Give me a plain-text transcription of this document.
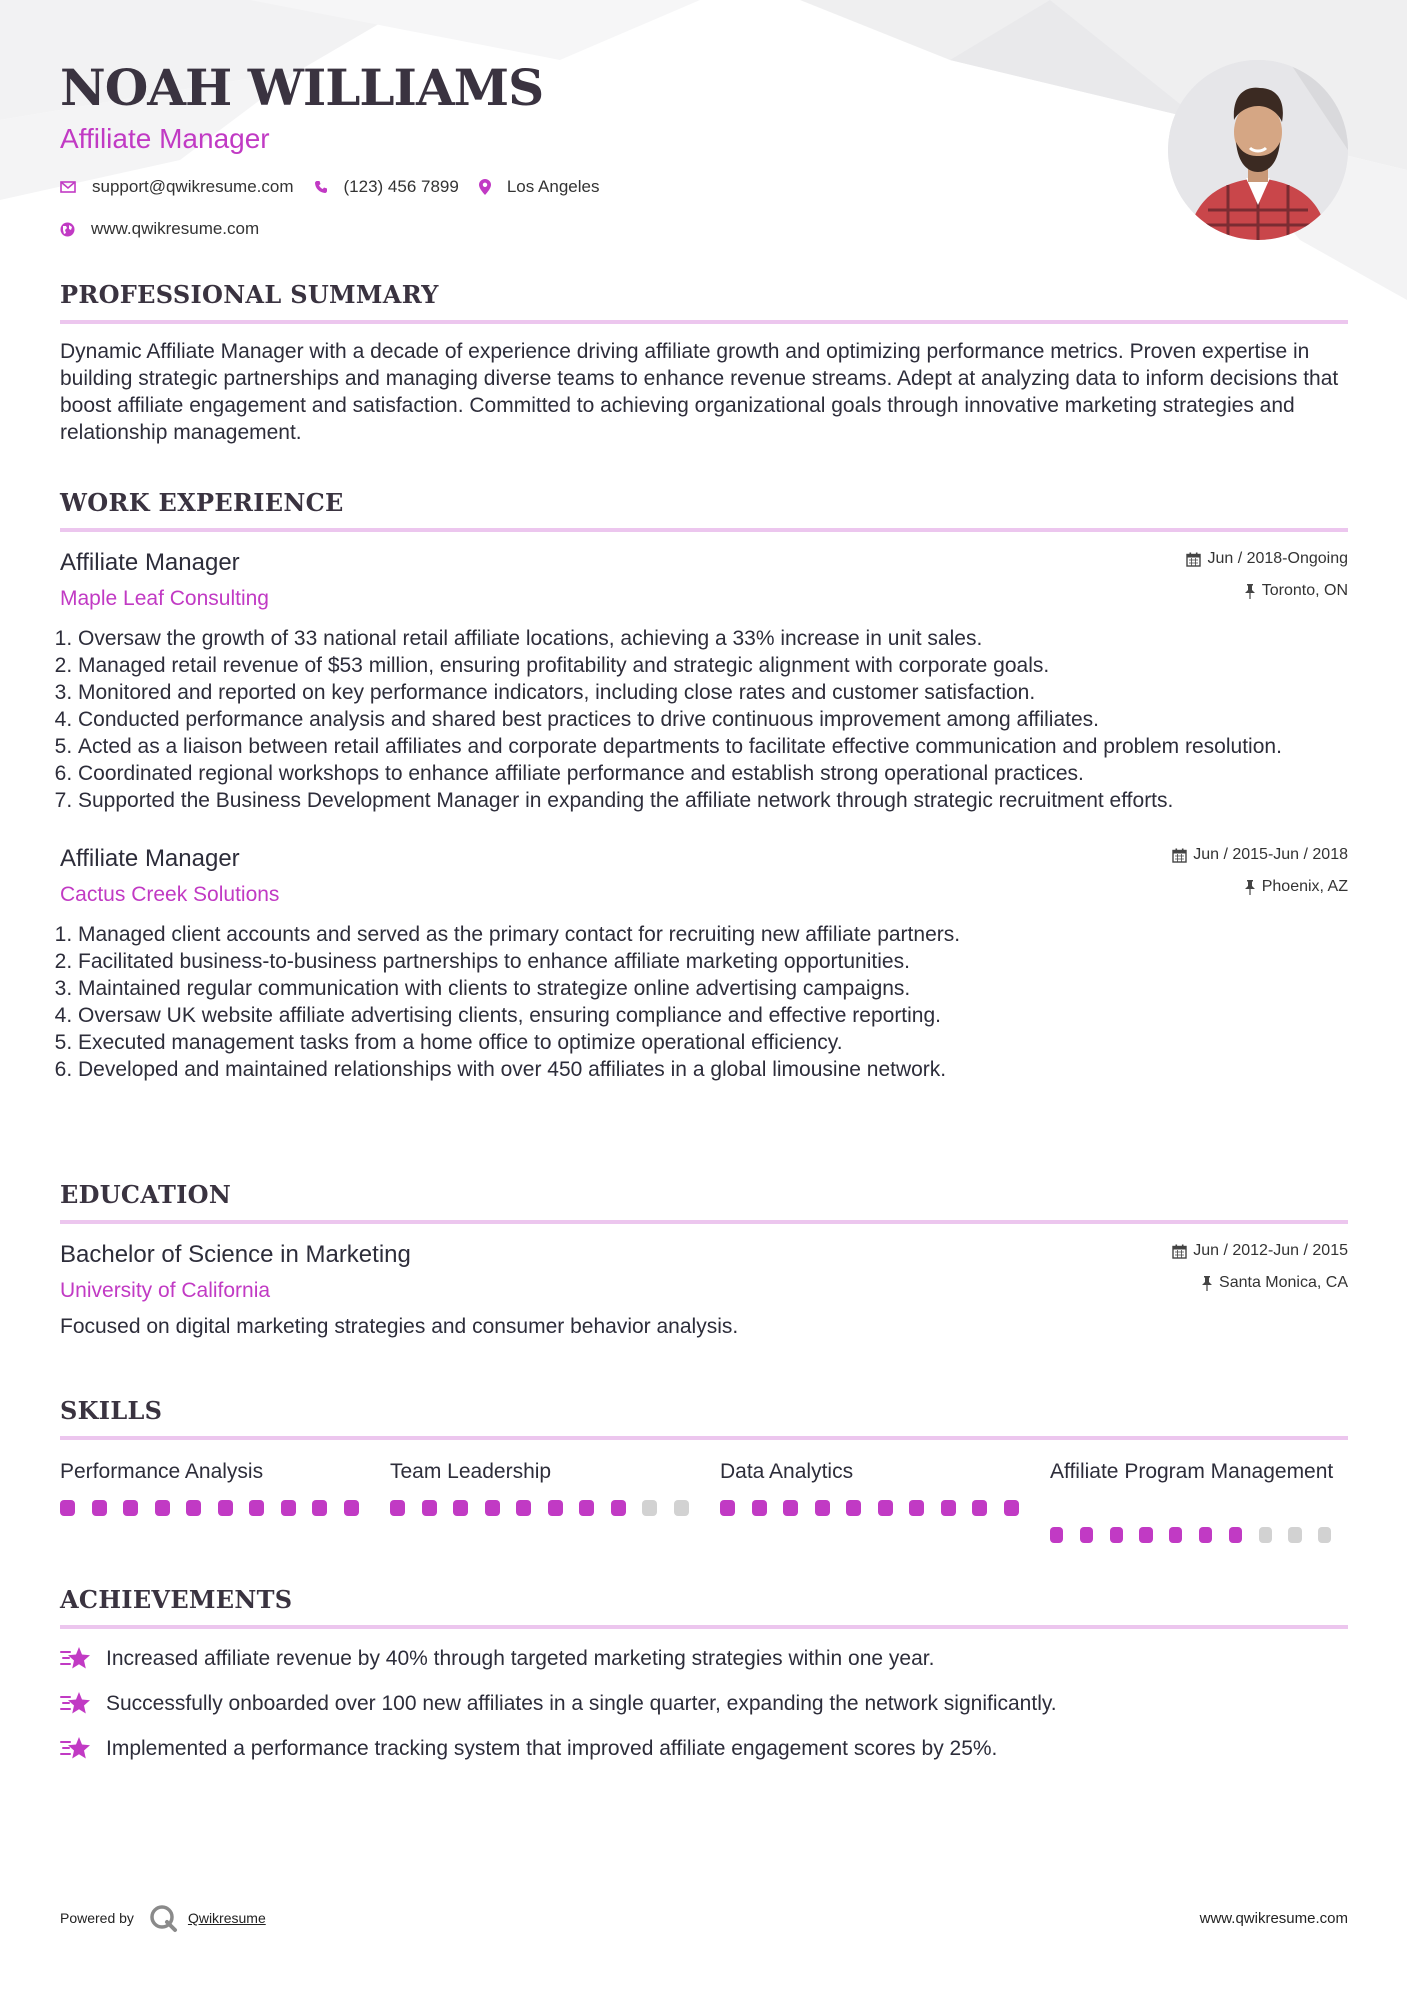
NOAH WILLIAMS
Affiliate Manager
support@qwikresume.com	(123) 456 7899	Los Angeles
www.qwikresume.com
PROFESSIONAL SUMMARY
Dynamic Affiliate Manager with a decade of experience driving affiliate growth and optimizing performance metrics. Proven expertise in building strategic partnerships and managing diverse teams to enhance revenue streams. Adept at analyzing data to inform decisions that boost affiliate engagement and satisfaction. Committed to achieving organizational goals through innovative marketing strategies and relationship management.
WORK EXPERIENCE
Affiliate Manager
Maple Leaf Consulting
Jun / 2018-Ongoing
Toronto, ON
1. Oversaw the growth of 33 national retail affiliate locations, achieving a 33% increase in unit sales.
2. Managed retail revenue of $53 million, ensuring profitability and strategic alignment with corporate goals.
3. Monitored and reported on key performance indicators, including close rates and customer satisfaction.
4. Conducted performance analysis and shared best practices to drive continuous improvement among affiliates.
5. Acted as a liaison between retail affiliates and corporate departments to facilitate effective communication and problem resolution.
6. Coordinated regional workshops to enhance affiliate performance and establish strong operational practices.
7. Supported the Business Development Manager in expanding the affiliate network through strategic recruitment efforts.
Affiliate Manager
Cactus Creek Solutions
Jun / 2015-Jun / 2018
Phoenix, AZ
1. Managed client accounts and served as the primary contact for recruiting new affiliate partners.
2. Facilitated business-to-business partnerships to enhance affiliate marketing opportunities.
3. Maintained regular communication with clients to strategize online advertising campaigns.
4. Oversaw UK website affiliate advertising clients, ensuring compliance and effective reporting.
5. Executed management tasks from a home office to optimize operational efficiency.
6. Developed and maintained relationships with over 450 affiliates in a global limousine network.
EDUCATION
Bachelor of Science in Marketing
University of California
Jun / 2012-Jun / 2015
Santa Monica, CA
Focused on digital marketing strategies and consumer behavior analysis.
SKILLS
Performance Analysis	Team Leadership	Data Analytics	Affiliate Program Management
ACHIEVEMENTS
Increased affiliate revenue by 40% through targeted marketing strategies within one year.
Successfully onboarded over 100 new affiliates in a single quarter, expanding the network significantly.
Implemented a performance tracking system that improved affiliate engagement scores by 25%.
Powered by	Qwikresume	www.qwikresume.com
